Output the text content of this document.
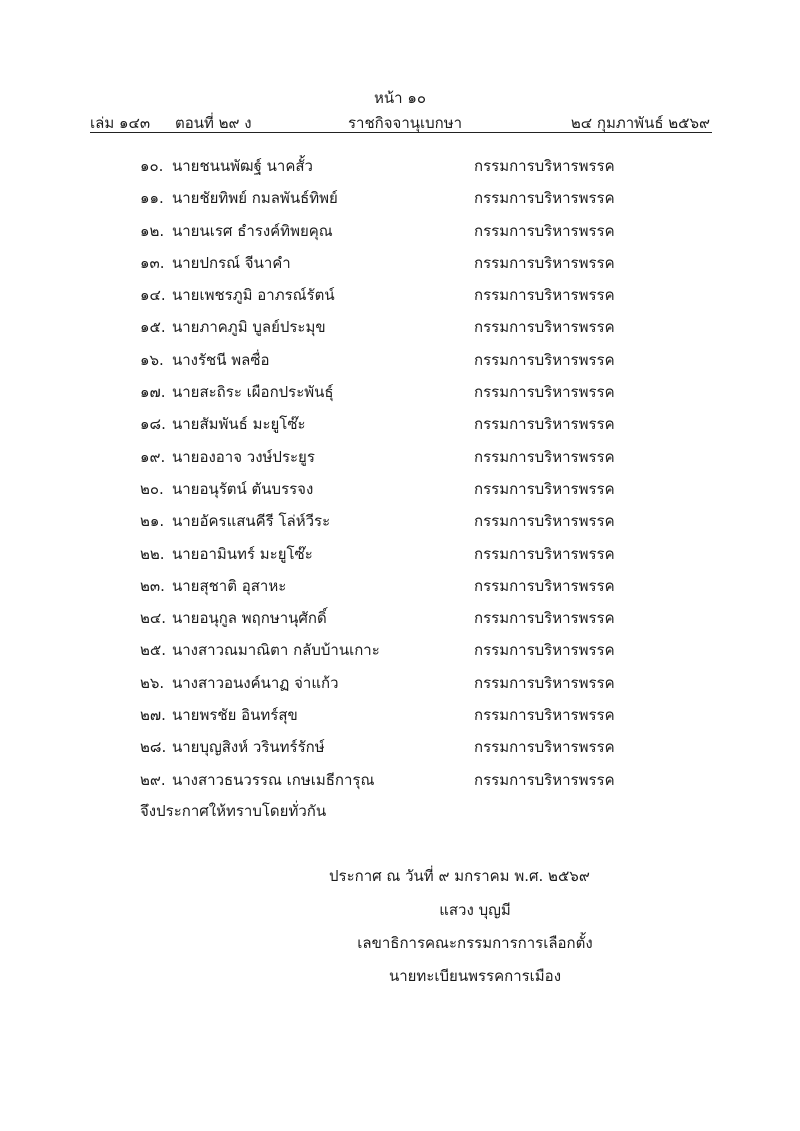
หน้า ๑๐
เล่ม ๑๔๓ ตอนที่ ๒๙ ง	ราชกิจจานุเบกษา	๒๔ กุมภาพันธ์ ๒๕๖๙
๑๐. นายชนนพัฒฐ์ นาคสั้ว	กรรมการบริหารพรรค
๑๑. นายชัยทิพย์ กมลพันธ์ทิพย์	กรรมการบริหารพรรค
๑๒. นายนเรศ ธำรงค์ทิพยคุณ	กรรมการบริหารพรรค
๑๓. นายปกรณ์ จีนาคำ	กรรมการบริหารพรรค
๑๔. นายเพชรภูมิ อาภรณ์รัตน์	กรรมการบริหารพรรค
๑๕. นายภาคภูมิ บูลย์ประมุข	กรรมการบริหารพรรค
๑๖. นางรัชนี พลซื่อ	กรรมการบริหารพรรค
๑๗. นายสะถิระ เผือกประพันธุ์	กรรมการบริหารพรรค
๑๘. นายสัมพันธ์ มะยูโซ๊ะ	กรรมการบริหารพรรค
๑๙. นายองอาจ วงษ์ประยูร	กรรมการบริหารพรรค
๒๐. นายอนุรัตน์ ตันบรรจง	กรรมการบริหารพรรค
๒๑. นายอัครแสนคีรี โล่ห์วีระ	กรรมการบริหารพรรค
๒๒. นายอามินทร์ มะยูโซ๊ะ	กรรมการบริหารพรรค
๒๓. นายสุชาติ อุสาหะ	กรรมการบริหารพรรค
๒๔. นายอนุกูล พฤกษานุศักดิ์	กรรมการบริหารพรรค
๒๕. นางสาวณมาณิตา กลับบ้านเกาะ	กรรมการบริหารพรรค
๒๖. นางสาวอนงค์นาฏ จ่าแก้ว	กรรมการบริหารพรรค
๒๗. นายพรชัย อินทร์สุข	กรรมการบริหารพรรค
๒๘. นายบุญสิงห์ วรินทร์รักษ์	กรรมการบริหารพรรค
๒๙. นางสาวธนวรรณ เกษเมธีการุณ	กรรมการบริหารพรรค
จึงประกาศให้ทราบโดยทั่วกัน
ประกาศ ณ วันที่ ๙ มกราคม พ.ศ. ๒๕๖๙
แสวง บุญมี
เลขาธิการคณะกรรมการการเลือกตั้ง
นายทะเบียนพรรคการเมือง
